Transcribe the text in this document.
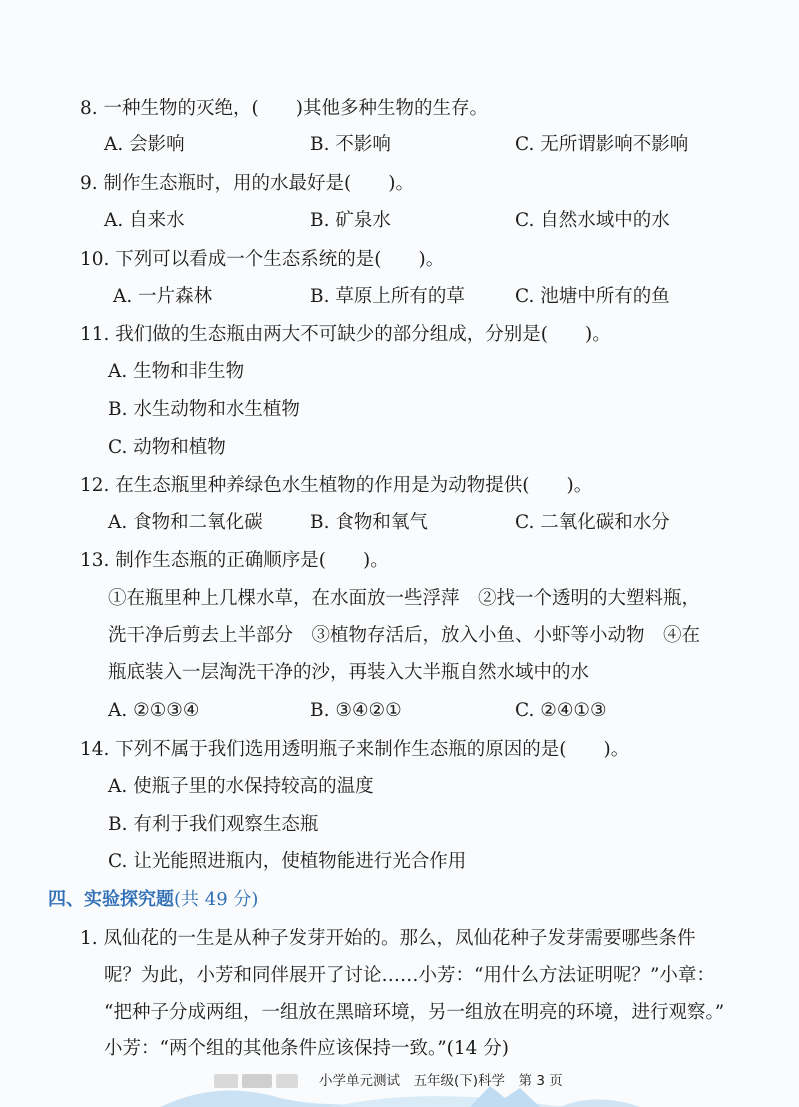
8. 一种生物的灭绝，(　　)其他多种生物的生存。
A. 会影响	B. 不影响	C. 无所谓影响不影响
9. 制作生态瓶时，用的水最好是(　　)。
A. 自来水	B. 矿泉水	C. 自然水域中的水
10. 下列可以看成一个生态系统的是(　　)。
A. 一片森林	B. 草原上所有的草	C. 池塘中所有的鱼
11. 我们做的生态瓶由两大不可缺少的部分组成，分别是(　　)。
A. 生物和非生物
B. 水生动物和水生植物
C. 动物和植物
12. 在生态瓶里种养绿色水生植物的作用是为动物提供(　　)。
A. 食物和二氧化碳	B. 食物和氧气	C. 二氧化碳和水分
13. 制作生态瓶的正确顺序是(　　)。
①在瓶里种上几棵水草，在水面放一些浮萍　②找一个透明的大塑料瓶，
洗干净后剪去上半部分　③植物存活后，放入小鱼、小虾等小动物　④在
瓶底装入一层淘洗干净的沙，再装入大半瓶自然水域中的水
A. ②①③④	B. ③④②①	C. ②④①③
14. 下列不属于我们选用透明瓶子来制作生态瓶的原因的是(　　)。
A. 使瓶子里的水保持较高的温度
B. 有利于我们观察生态瓶
C. 让光能照进瓶内，使植物能进行光合作用
四、实验探究题(共 49 分)
1. 凤仙花的一生是从种子发芽开始的。那么，凤仙花种子发芽需要哪些条件
呢？为此，小芳和同伴展开了讨论……小芳：“用什么方法证明呢？”小章：
“把种子分成两组，一组放在黑暗环境，另一组放在明亮的环境，进行观察。”
小芳：“两个组的其他条件应该保持一致。”(14 分)
小学单元测试　五年级(下)科学　第 3 页
